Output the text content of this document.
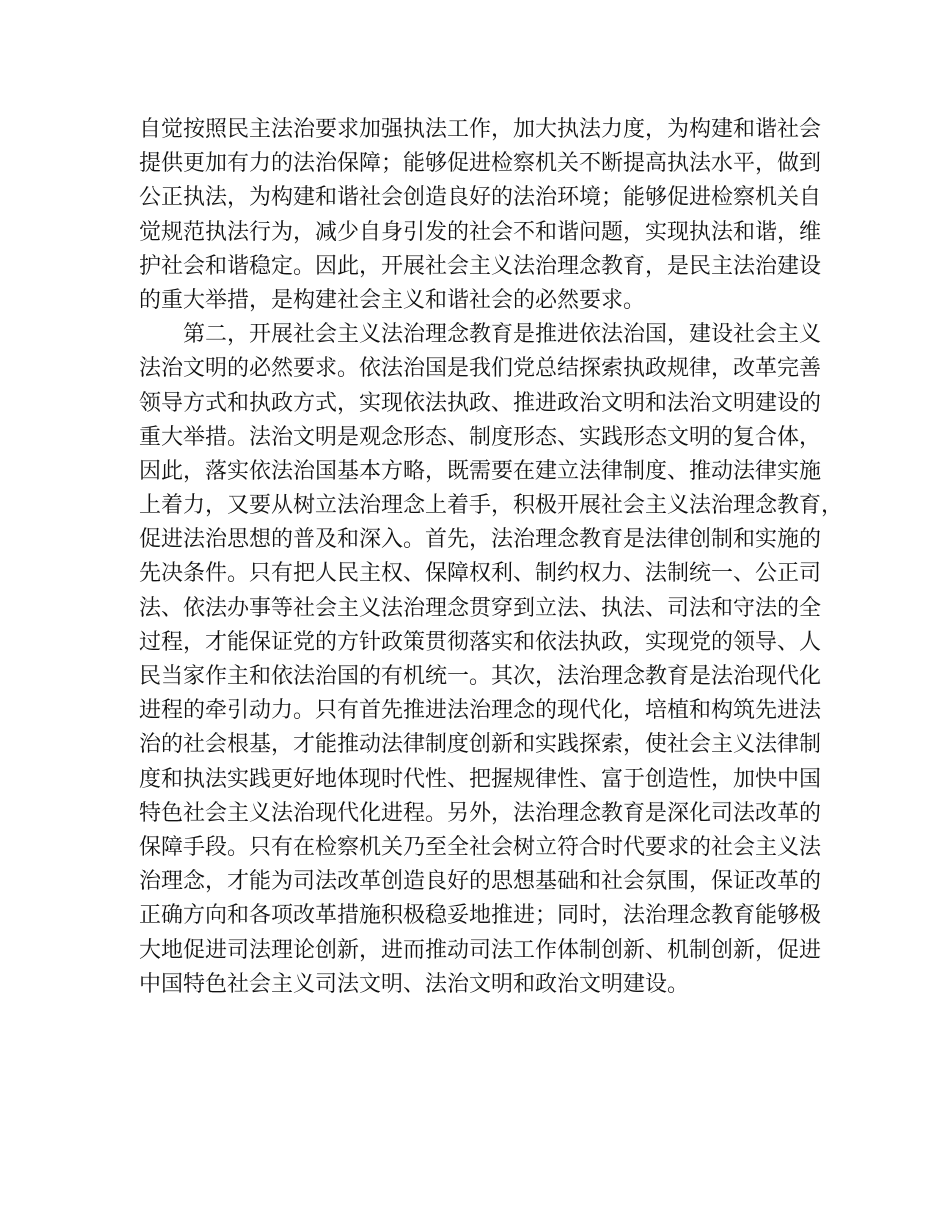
自觉按照民主法治要求加强执法工作，加大执法力度，为构建和谐社会
提供更加有力的法治保障；能够促进检察机关不断提高执法水平，做到
公正执法，为构建和谐社会创造良好的法治环境；能够促进检察机关自
觉规范执法行为，减少自身引发的社会不和谐问题，实现执法和谐，维
护社会和谐稳定。因此，开展社会主义法治理念教育，是民主法治建设
的重大举措，是构建社会主义和谐社会的必然要求。
第二，开展社会主义法治理念教育是推进依法治国，建设社会主义
法治文明的必然要求。依法治国是我们党总结探索执政规律，改革完善
领导方式和执政方式，实现依法执政、推进政治文明和法治文明建设的
重大举措。法治文明是观念形态、制度形态、实践形态文明的复合体，
因此，落实依法治国基本方略，既需要在建立法律制度、推动法律实施
上着力，又要从树立法治理念上着手，积极开展社会主义法治理念教育，
促进法治思想的普及和深入。首先，法治理念教育是法律创制和实施的
先决条件。只有把人民主权、保障权利、制约权力、法制统一、公正司
法、依法办事等社会主义法治理念贯穿到立法、执法、司法和守法的全
过程，才能保证党的方针政策贯彻落实和依法执政，实现党的领导、人
民当家作主和依法治国的有机统一。其次，法治理念教育是法治现代化
进程的牵引动力。只有首先推进法治理念的现代化，培植和构筑先进法
治的社会根基，才能推动法律制度创新和实践探索，使社会主义法律制
度和执法实践更好地体现时代性、把握规律性、富于创造性，加快中国
特色社会主义法治现代化进程。另外，法治理念教育是深化司法改革的
保障手段。只有在检察机关乃至全社会树立符合时代要求的社会主义法
治理念，才能为司法改革创造良好的思想基础和社会氛围，保证改革的
正确方向和各项改革措施积极稳妥地推进；同时，法治理念教育能够极
大地促进司法理论创新，进而推动司法工作体制创新、机制创新，促进
中国特色社会主义司法文明、法治文明和政治文明建设。
